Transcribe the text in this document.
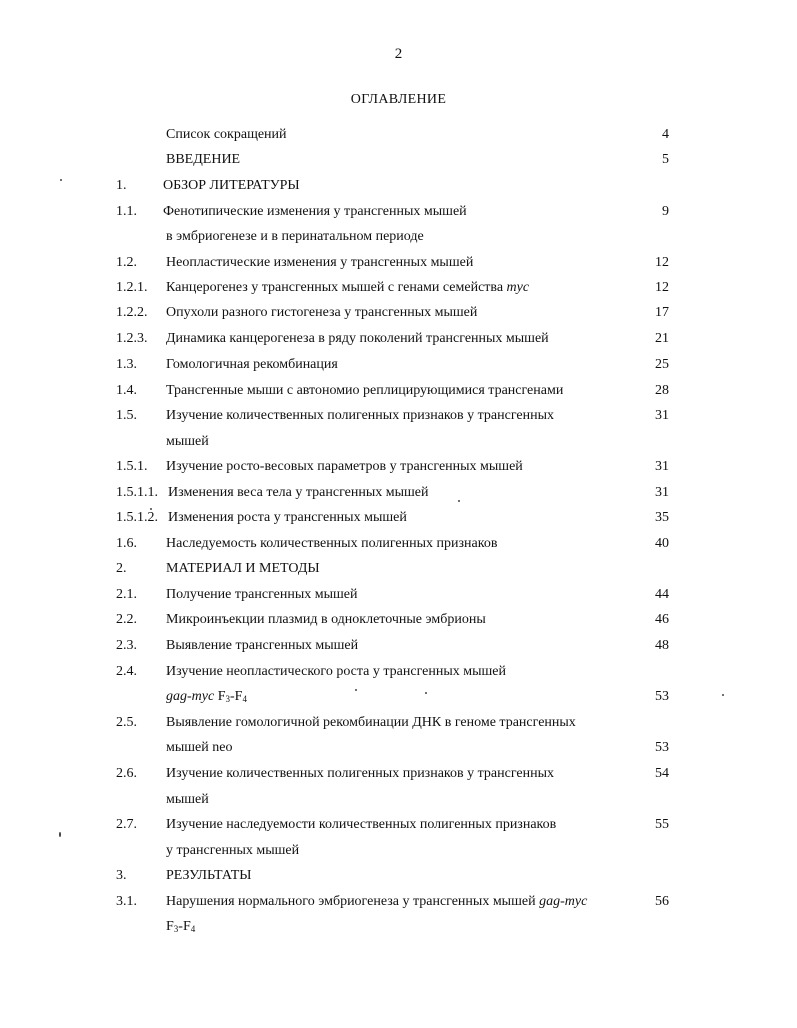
2
ОГЛАВЛЕНИЕ
Список сокращений	4
ВВЕДЕНИЕ	5
1.	ОБЗОР ЛИТЕРАТУРЫ
1.1. Фенотипические изменения у трансгенных мышей	9
в эмбриогенезе и в перинатальном периоде
1.2. Неопластические изменения у трансгенных мышей	12
1.2.1. Канцерогенез у трансгенных мышей с генами семейства myc	12
1.2.2. Опухоли разного гистогенеза у трансгенных мышей	17
1.2.3. Динамика канцерогенеза в ряду поколений трансгенных мышей	21
1.3. Гомологичная рекомбинация	25
1.4. Трансгенные мыши с автономио реплицирующимися трансгенами	28
1.5. Изучение количественных полигенных признаков у трансгенных	31
мышей
1.5.1. Изучение росто-весовых параметров у трансгенных мышей	31
1.5.1.1. Изменения веса тела у трансгенных мышей	31
1.5.1.2. Изменения роста у трансгенных мышей	35
1.6. Наследуемость количественных полигенных признаков	40
2.	МАТЕРИАЛ И МЕТОДЫ
2.1. Получение трансгенных мышей	44
2.2. Микроинъекции плазмид в одноклеточные эмбрионы	46
2.3. Выявление трансгенных мышей	48
2.4. Изучение неопластического роста у трансгенных мышей
gag-myc $F_3-F_4$	53
2.5. Выявление гомологичной рекомбинации ДНК в геноме трансгенных
мышей neo	53
2.6. Изучение количественных полигенных признаков у трансгенных	54
мышей
2.7. Изучение наследуемости количественных полигенных признаков	55
у трансгенных мышей
3.	РЕЗУЛЬТАТЫ
3.1. Нарушения нормального эмбриогенеза у трансгенных мышей gag-myc	56
$F_3-F_4$
